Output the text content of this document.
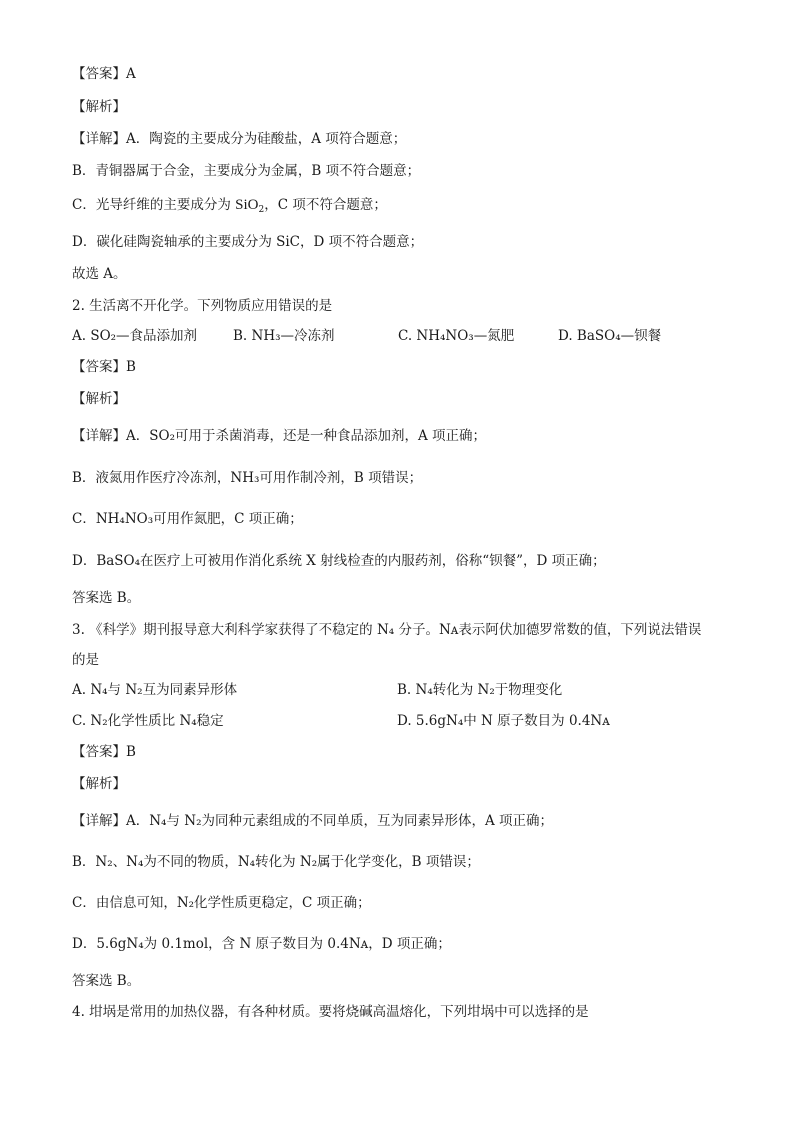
【答案】A
【解析】
【详解】A．陶瓷的主要成分为硅酸盐，A 项符合题意；
B．青铜器属于合金，主要成分为金属，B 项不符合题意；
C．光导纤维的主要成分为 SiO$_2$，C 项不符合题意；
D．碳化硅陶瓷轴承的主要成分为 SiC，D 项不符合题意；
故选 A。
2. 生活离不开化学。下列物质应用错误的是
A. SO₂—食品添加剂	B. NH₃—冷冻剂	C. NH₄NO₃—氮肥	D. BaSO₄—钡餐
【答案】B
【解析】
【详解】A．SO₂可用于杀菌消毒，还是一种食品添加剂，A 项正确；
B．液氮用作医疗冷冻剂，NH₃可用作制冷剂，B 项错误；
C．NH₄NO₃可用作氮肥，C 项正确；
D．BaSO₄在医疗上可被用作消化系统 X 射线检查的内服药剂，俗称“钡餐”，D 项正确；
答案选 B。
3. 《科学》期刊报导意大利科学家获得了不稳定的 N₄ 分子。Nᴀ表示阿伏加德罗常数的值，下列说法错误
的是
A. N₄与 N₂互为同素异形体	B. N₄转化为 N₂于物理变化
C. N₂化学性质比 N₄稳定	D. 5.6gN₄中 N 原子数目为 0.4Nᴀ
【答案】B
【解析】
【详解】A．N₄与 N₂为同种元素组成的不同单质，互为同素异形体，A 项正确；
B．N₂、N₄为不同的物质，N₄转化为 N₂属于化学变化，B 项错误；
C．由信息可知，N₂化学性质更稳定，C 项正确；
D．5.6gN₄为 0.1mol，含 N 原子数目为 0.4Nᴀ，D 项正确；
答案选 B。
4. 坩埚是常用的加热仪器，有各种材质。要将烧碱高温熔化，下列坩埚中可以选择的是
